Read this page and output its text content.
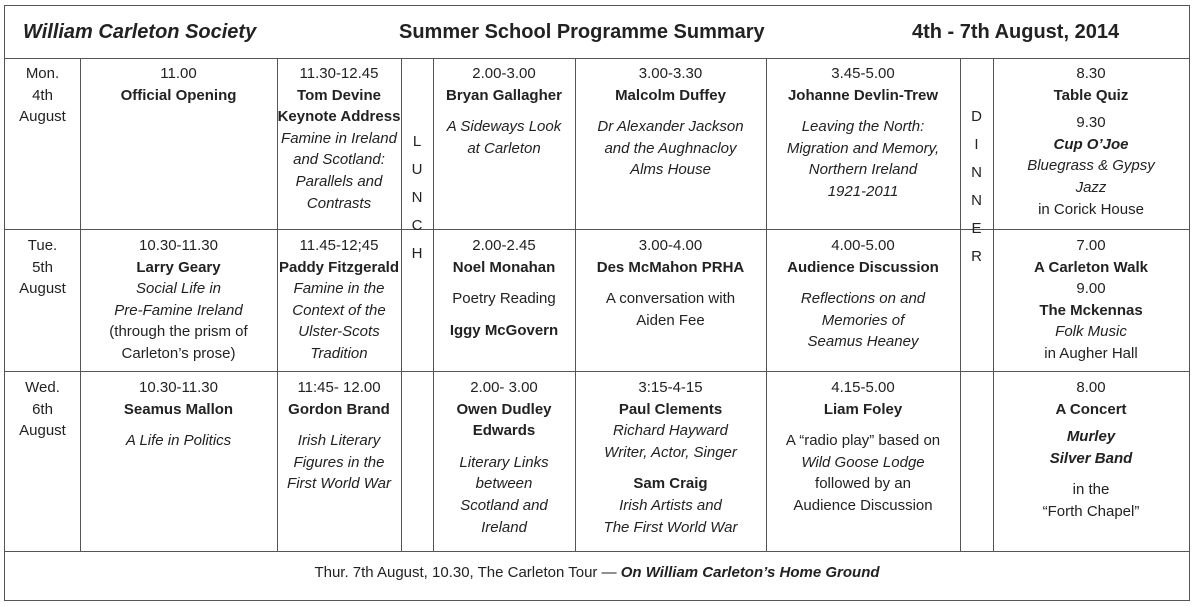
William Carleton Society	Summer School Programme Summary	4th - 7th August, 2014
L
U
N
C
H
D
I
N
N
E
R
Mon.
4th
August
11.00
Official Opening
11.30-12.45
Tom Devine
Keynote Address
Famine in Ireland
and Scotland:
Parallels and
Contrasts
2.00-3.00
Bryan Gallagher
A Sideways Look
at Carleton
3.00-3.30
Malcolm Duffey
Dr Alexander Jackson
and the Aughnacloy
Alms House
3.45-5.00
Johanne Devlin-Trew
Leaving the North:
Migration and Memory,
Northern Ireland
1921-2011
8.30
Table Quiz
9.30
Cup O’Joe
Bluegrass & Gypsy
Jazz
in Corick House
Tue.
5th
August
10.30-11.30
Larry Geary
Social Life in
Pre-Famine Ireland
(through the prism of
Carleton’s prose)
11.45-12;45
Paddy Fitzgerald
Famine in the
Context of the
Ulster-Scots
Tradition
2.00-2.45
Noel Monahan
Poetry Reading
Iggy McGovern
3.00-4.00
Des McMahon PRHA
A conversation with
Aiden Fee
4.00-5.00
Audience Discussion
Reflections on and
Memories of
Seamus Heaney
7.00
A Carleton Walk
9.00
The Mckennas
Folk Music
in Augher Hall
Wed.
6th
August
10.30-11.30
Seamus Mallon
A Life in Politics
11:45- 12.00
Gordon Brand
Irish Literary
Figures in the
First World War
2.00- 3.00
Owen Dudley
Edwards
Literary Links
between
Scotland and
Ireland
3:15-4-15
Paul Clements
Richard Hayward
Writer, Actor, Singer
Sam Craig
Irish Artists and
The First World War
4.15-5.00
Liam Foley
A “radio play” based on
Wild Goose Lodge
followed by an
Audience Discussion
8.00
A Concert
Murley
Silver Band
in the
“Forth Chapel”
Thur. 7th August, 10.30, The Carleton Tour — On William Carleton’s Home Ground
